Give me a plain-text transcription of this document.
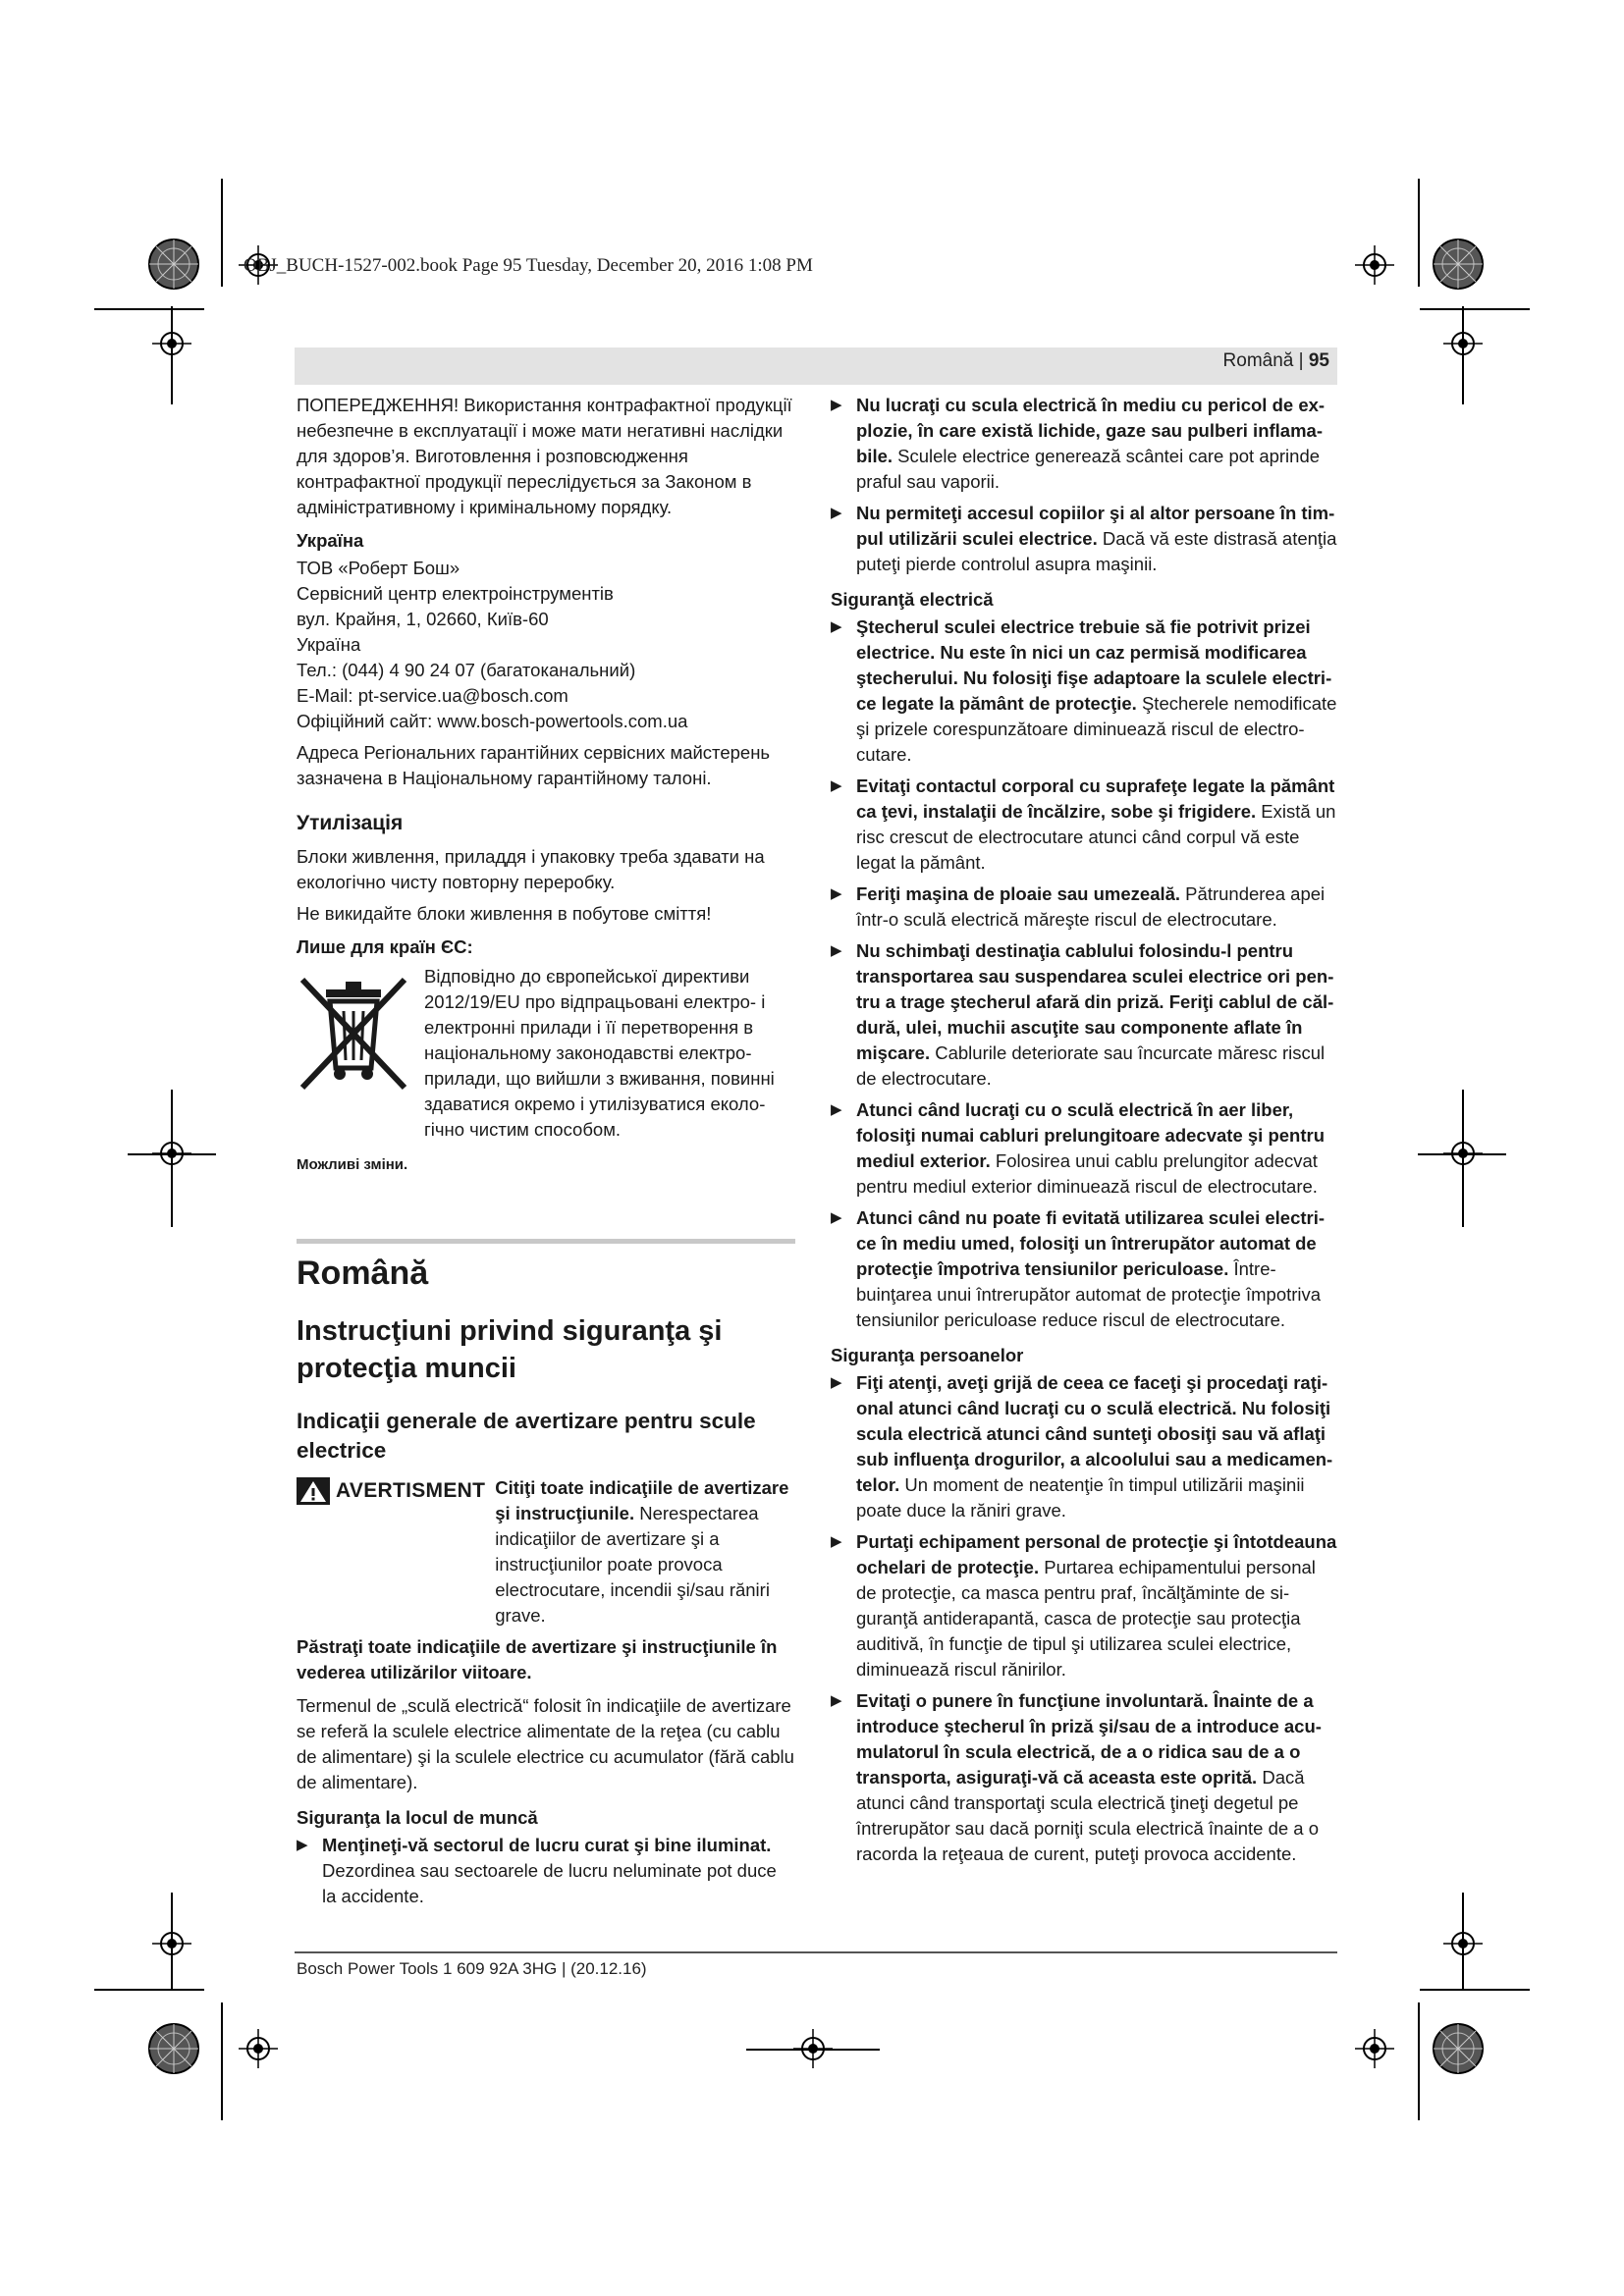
OBJ_BUCH-1527-002.book Page 95 Tuesday, December 20, 2016 1:08 PM
Română | 95

ПОПЕРЕДЖЕННЯ! Використання контрафактної продукції небезпечне в експлуатації і може мати негативні наслідки для здоров’я. Виготовлення і розповсюдження контрафактної продукції переслідується за Законом в адміністративному і кримінальному порядку.

Україна
ТОВ «Роберт Бош»
Сервісний центр електроінструментів
вул. Крайня, 1, 02660, Київ-60
Україна
Тел.: (044) 4 90 24 07 (багатоканальний)
E-Mail: pt-service.ua@bosch.com
Офіційний сайт: www.bosch-powertools.com.ua

Адреса Регіональних гарантійних сервісних майстерень зазначена в Національному гарантійному талоні.

Утилізація

Блоки живлення, приладдя і упаковку треба здавати на екологічно чисту повторну переробку.

Не викидайте блоки живлення в побутове сміття!

Лише для країн ЄС:
Відповідно до європейської директиви 2012/19/EU про відпрацьовані електро- і електронні прилади і її перетворення в національному законодавстві електроприлади, що вийшли з вживання, повинні здаватися окремо і утилізуватися екологічно чистим способом.
Можливі зміни.
Română
Instrucţiuni privind siguranţa şi protecţia muncii
Indicaţii generale de avertizare pentru scule electrice
AVERTISMENT Citiţi toate indicaţiile de avertizare şi instrucţiunile. Nerespectarea indicaţiilor de avertizare şi a instrucţiunilor poate provoca electrocutare, incendii şi/sau răniri grave.

Păstraţi toate indicaţiile de avertizare şi instrucţiunile în vederea utilizărilor viitoare.

Termenul de „sculă electrică“ folosit în indicaţiile de avertizare se referă la sculele electrice alimentate de la reţea (cu cablu de alimentare) şi la sculele electrice cu acumulator (fără cablu de alimentare).

Siguranţa la locul de muncă
▶ Menţineţi-vă sectorul de lucru curat şi bine iluminat. Dezordinea sau sectoarele de lucru neluminate pot duce la accidente.
▶ Nu lucraţi cu scula electrică în mediu cu pericol de explozie, în care există lichide, gaze sau pulberi inflamabile. Sculele electrice generează scântei care pot aprinde praful sau vaporii.
▶ Nu permiteţi accesul copiilor şi al altor persoane în timpul utilizării sculei electrice. Dacă vă este distrasă atenţia puteţi pierde controlul asupra maşinii.
Siguranţă electrică
▶ Ştecherul sculei electrice trebuie să fie potrivit prizei electrice. Nu este în nici un caz permisă modificarea ştecherului. Nu folosiţi fişe adaptoare la sculele electrice legate la pământ de protecţie. Ştecherele nemodificate şi prizele corespunzătoare diminuează riscul de electrocutare.
▶ Evitaţi contactul corporal cu suprafeţe legate la pământ ca ţevi, instalaţii de încălzire, sobe şi frigidere. Există un risc crescut de electrocutare atunci când corpul vă este legat la pământ.
▶ Feriţi maşina de ploaie sau umezeală. Pătrunderea apei într-o sculă electrică măreşte riscul de electrocutare.
▶ Nu schimbaţi destinaţia cablului folosindu-l pentru transportarea sau suspendarea sculei electrice ori pentru a trage ştecherul afară din priză. Feriţi cablul de căldură, ulei, muchii ascuţite sau componente aflate în mişcare. Cablurile deteriorate sau încurcate măresc riscul de electrocutare.
▶ Atunci când lucraţi cu o sculă electrică în aer liber, folosiţi numai cabluri prelungitoare adecvate şi pentru mediul exterior. Folosirea unui cablu prelungitor adecvat pentru mediul exterior diminuează riscul de electrocutare.
▶ Atunci când nu poate fi evitată utilizarea sculei electrice în mediu umed, folosiţi un întrerupător automat de protecţie împotriva tensiunilor periculoase. Întrebuinţarea unui întrerupător automat de protecţie împotriva tensiunilor periculoase reduce riscul de electrocutare.
Siguranţa persoanelor
▶ Fiţi atenţi, aveţi grijă de ceea ce faceţi şi procedaţi raţional atunci când lucraţi cu o sculă electrică. Nu folosiţi scula electrică atunci când sunteţi obosiţi sau vă aflaţi sub influenţa drogurilor, a alcoolului sau a medicamentelor. Un moment de neatenţie în timpul utilizării maşinii poate duce la răniri grave.
▶ Purtaţi echipament personal de protecţie şi întotdeauna ochelari de protecţie. Purtarea echipamentului personal de protecţie, ca masca pentru praf, încălţăminte de siguranţă antiderapantă, casca de protecţie sau protecţia auditivă, în funcţie de tipul şi utilizarea sculei electrice, diminuează riscul rănirilor.
▶ Evitaţi o punere în funcţiune involuntară. Înainte de a introduce ştecherul în priză şi/sau de a introduce acumulatorul în scula electrică, de a o ridica sau de a o transporta, asiguraţi-vă că aceasta este oprită. Dacă atunci când transportaţi scula electrică ţineţi degetul pe întrerupător sau dacă porniţi scula electrică înainte de a o racorda la reţeaua de curent, puteţi provoca accidente.
Bosch Power Tools 1 609 92A 3HG | (20.12.16)
